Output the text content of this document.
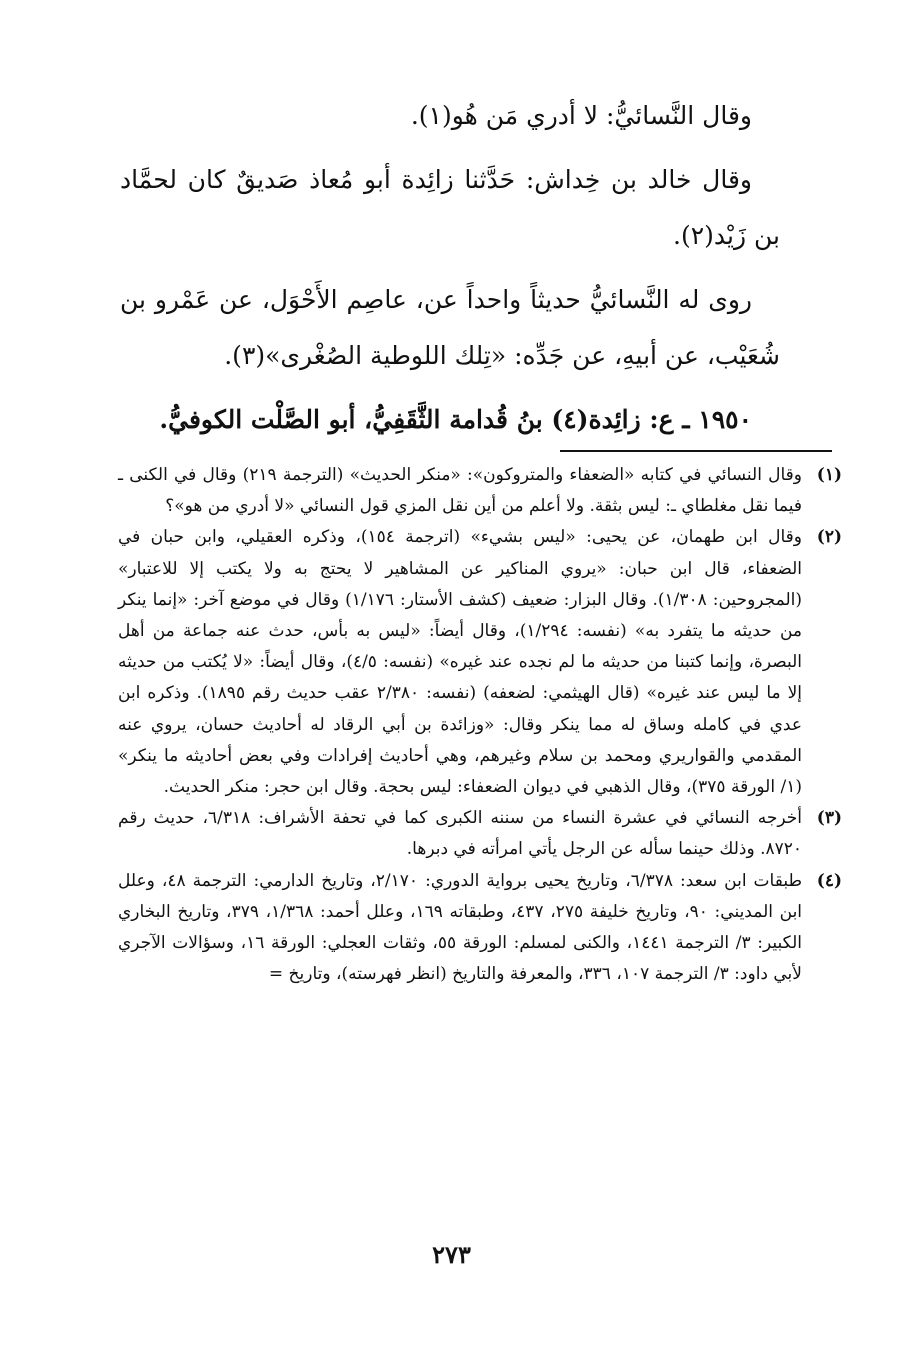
وقال النَّسائيُّ: لا أدري مَن هُو(١).

وقال خالد بن خِداش: حَدَّثنا زائِدة أبو مُعاذ صَديقٌ كان لحمَّاد بن زَيْد(٢).

روى له النَّسائيُّ حديثاً واحداً عن، عاصِم الأَحْوَل، عن عَمْرو بن شُعَيْب، عن أبيهِ، عن جَدِّه: «تِلك اللوطية الصُغْرى»(٣).

١٩٥٠ ـ ع: زائِدة(٤) بنُ قُدامة الثَّقَفِيُّ، أبو الصَّلْت الكوفيُّ.

(١)
وقال النسائي في كتابه «الضعفاء والمتروكون»: «منكر الحديث» (الترجمة ٢١٩) وقال في الكنى ـ فيما نقل مغلطاي ـ: ليس بثقة. ولا أعلم من أين نقل المزي قول النسائي «لا أدري من هو»؟
(٢)
وقال ابن طهمان، عن يحيى: «ليس بشيء» (اترجمة ١٥٤)، وذكره العقيلي، وابن حبان في الضعفاء، قال ابن حبان: «يروي المناكير عن المشاهير لا يحتج به ولا يكتب إلا للاعتبار» (المجروحين: ١/٣٠٨). وقال البزار: ضعيف (كشف الأستار: ١/١٧٦) وقال في موضع آخر: «إنما ينكر من حديثه ما يتفرد به» (نفسه: ١/٢٩٤)، وقال أيضاً: «ليس به بأس، حدث عنه جماعة من أهل البصرة، وإنما كتبنا من حديثه ما لم نجده عند غيره» (نفسه: ٤/٥)، وقال أيضاً: «لا يُكتب من حديثه إلا ما ليس عند غيره» (قال الهيثمي: لضعفه) (نفسه: ٢/٣٨٠ عقب حديث رقم ١٨٩٥). وذكره ابن عدي في كامله وساق له مما ينكر وقال: «وزائدة بن أبي الرقاد له أحاديث حسان، يروي عنه المقدمي والقواريري ومحمد بن سلام وغيرهم، وهي أحاديث إفرادات وفي بعض أحاديثه ما ينكر» (١/ الورقة ٣٧٥)، وقال الذهبي في ديوان الضعفاء: ليس بحجة. وقال ابن حجر: منكر الحديث.
(٣)
أخرجه النسائي في عشرة النساء من سننه الكبرى كما في تحفة الأشراف: ٦/٣١٨، حديث رقم ٨٧٢٠. وذلك حينما سأله عن الرجل يأتي امرأته في دبرها.
(٤)
طبقات ابن سعد: ٦/٣٧٨، وتاريخ يحيى برواية الدوري: ٢/١٧٠، وتاريخ الدارمي: الترجمة ٤٨، وعلل ابن المديني: ٩٠، وتاريخ خليفة ٢٧٥، ٤٣٧، وطبقاته ١٦٩، وعلل أحمد: ١/٣٦٨، ٣٧٩، وتاريخ البخاري الكبير: ٣/ الترجمة ١٤٤١، والكنى لمسلم: الورقة ٥٥، وثقات العجلي: الورقة ١٦، وسؤالات الآجري لأبي داود: ٣/ الترجمة ١٠٧، ٣٣٦، والمعرفة والتاريخ (انظر فهرسته)، وتاريخ =
٢٧٣
